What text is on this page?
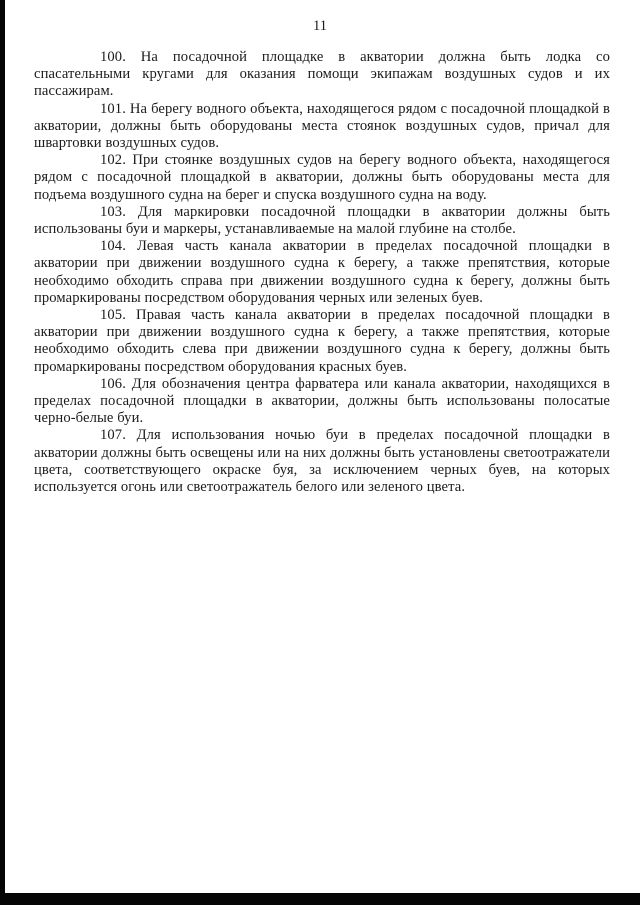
11

100. На посадочной площадке в акватории должна быть лодка со спасательными кругами для оказания помощи экипажам воздушных судов и их пассажирам.

101. На берегу водного объекта, находящегося рядом с посадочной площадкой в акватории, должны быть оборудованы места стоянок воздушных судов, причал для швартовки воздушных судов.

102. При стоянке воздушных судов на берегу водного объекта, находящегося рядом с посадочной площадкой в акватории, должны быть оборудованы места для подъема воздушного судна на берег и спуска воздушного судна на воду.

103. Для маркировки посадочной площадки в акватории должны быть использованы буи и маркеры, устанавливаемые на малой глубине на столбе.

104. Левая часть канала акватории в пределах посадочной площадки в акватории при движении воздушного судна к берегу, а также препятствия, которые необходимо обходить справа при движении воздушного судна к берегу, должны быть промаркированы посредством оборудования черных или зеленых буев.

105. Правая часть канала акватории в пределах посадочной площадки в акватории при движении воздушного судна к берегу, а также препятствия, которые необходимо обходить слева при движении воздушного судна к берегу, должны быть промаркированы посредством оборудования красных буев.

106. Для обозначения центра фарватера или канала акватории, находящихся в пределах посадочной площадки в акватории, должны быть использованы полосатые черно-белые буи.

107. Для использования ночью буи в пределах посадочной площадки в акватории должны быть освещены или на них должны быть установлены светоотражатели цвета, соответствующего окраске буя, за исключением черных буев, на которых используется огонь или светоотражатель белого или зеленого цвета.
